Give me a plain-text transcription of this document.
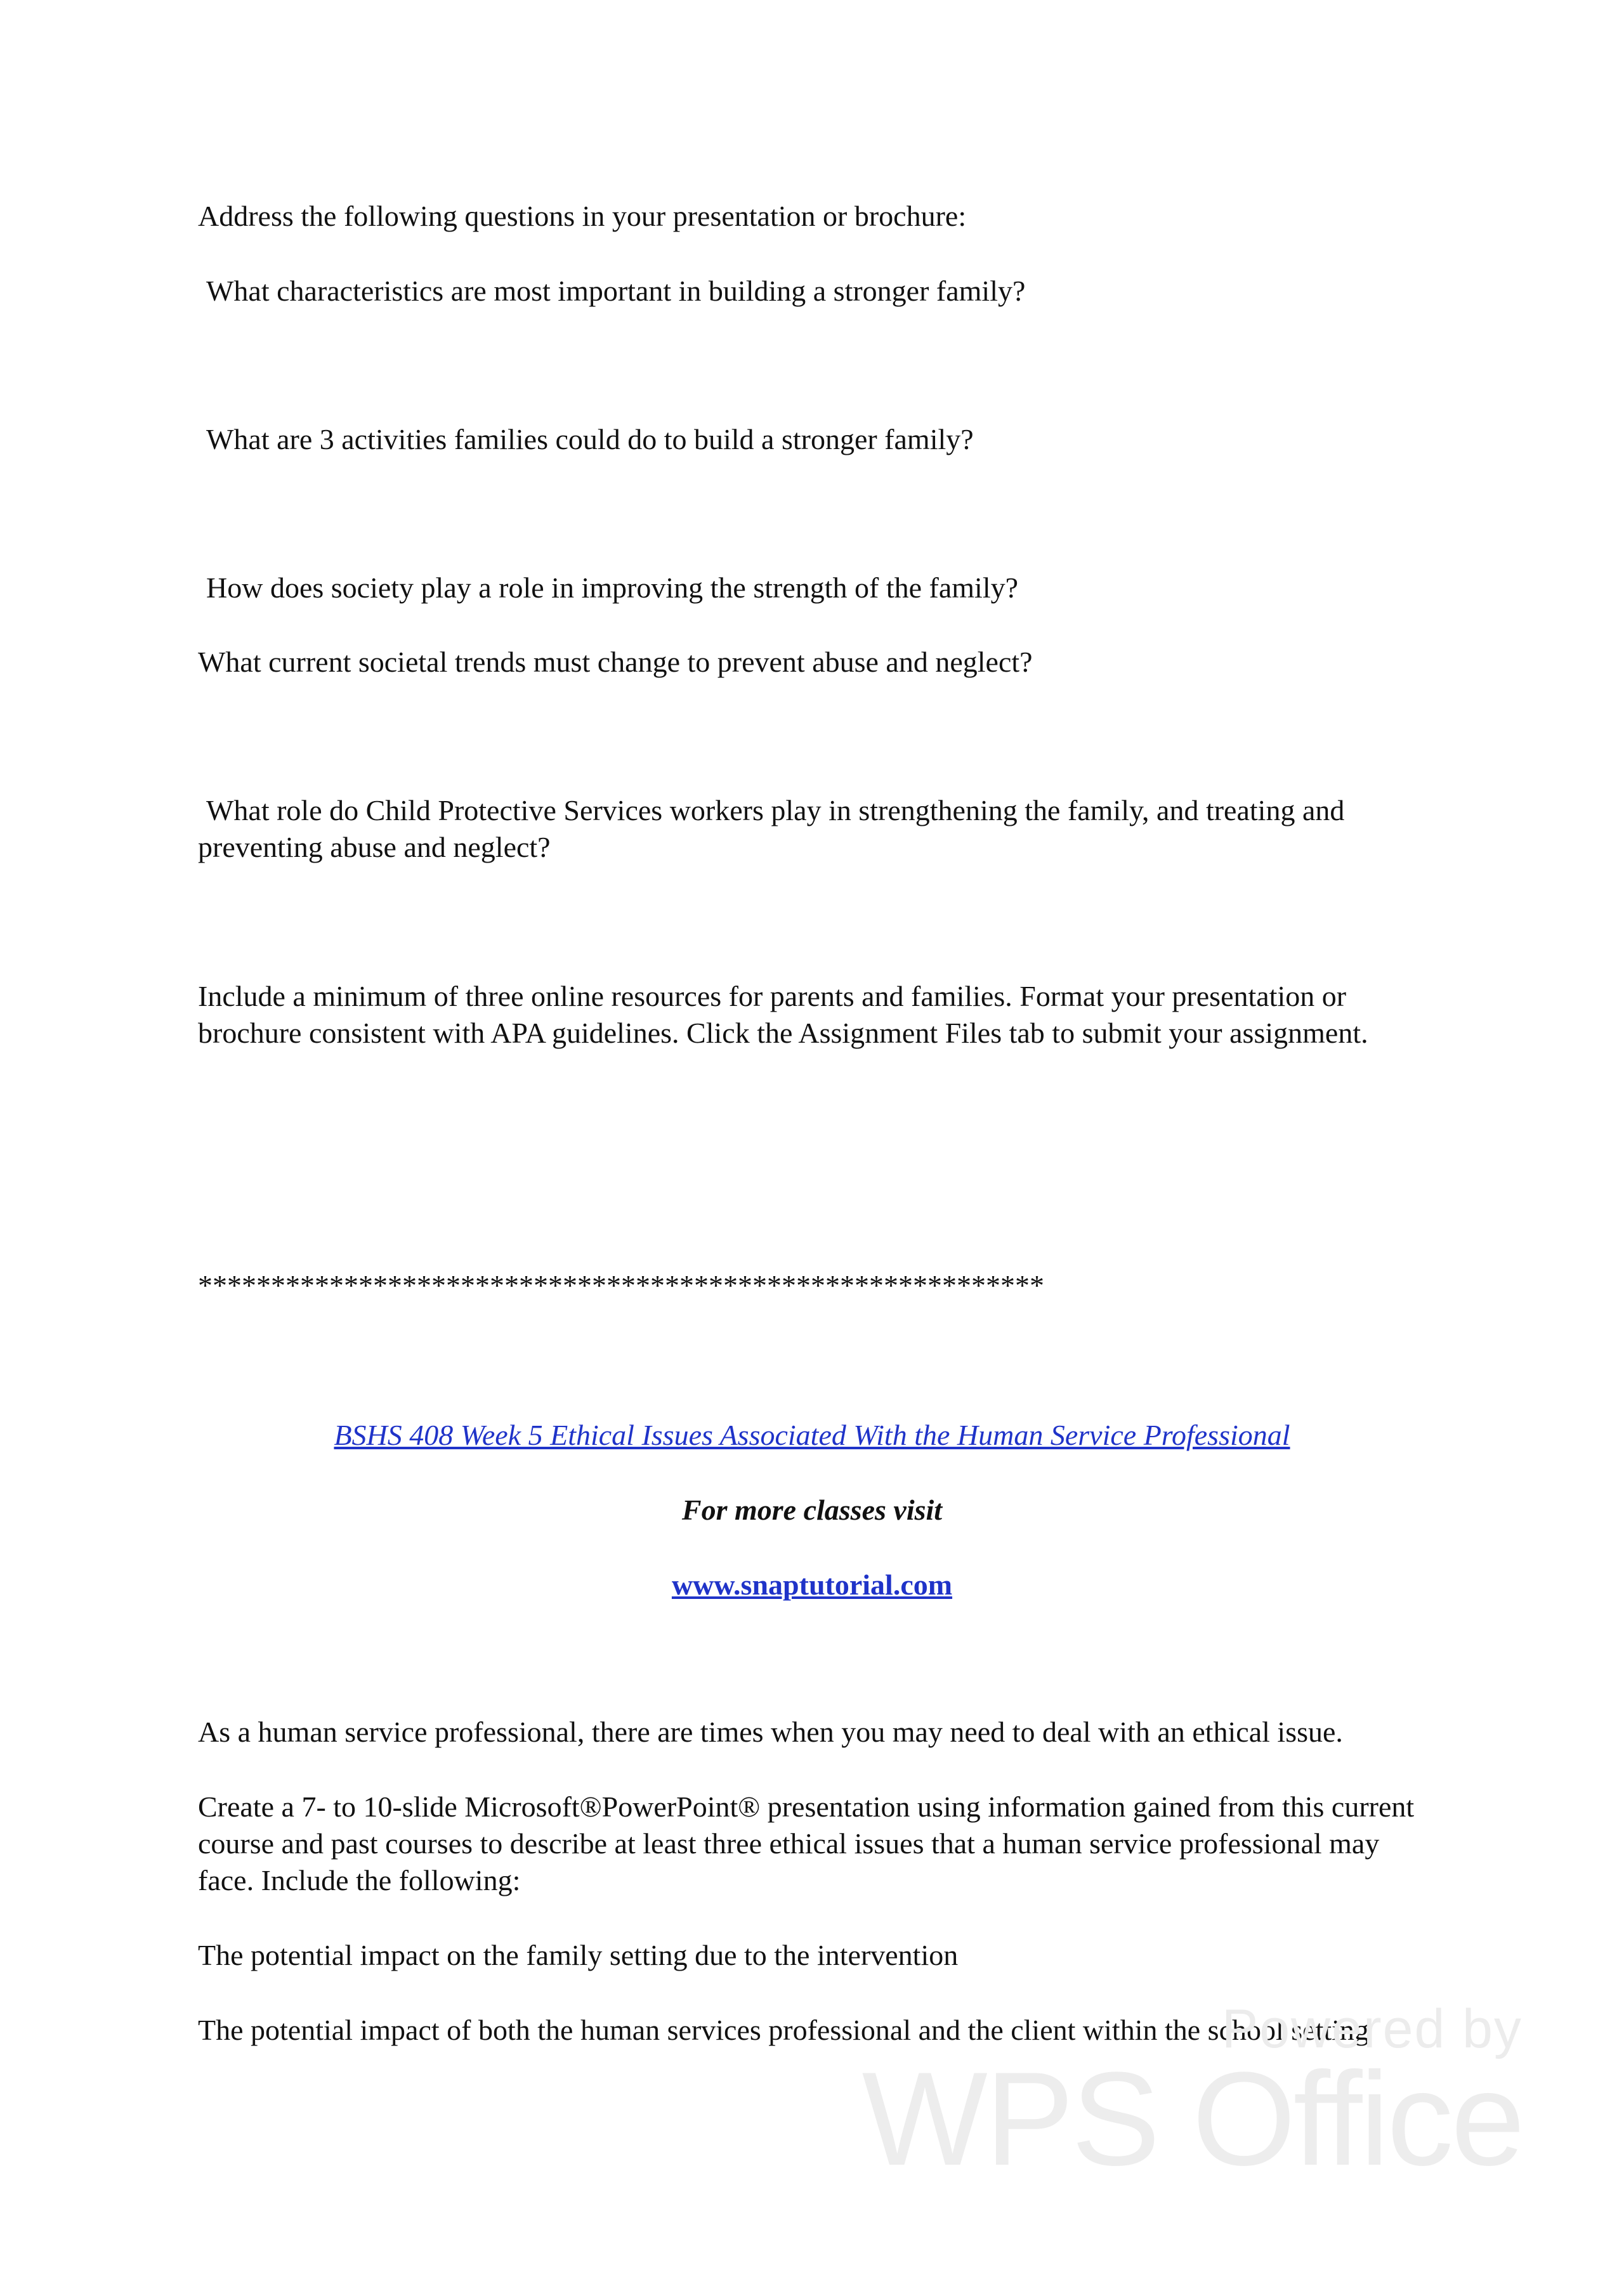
Address the following questions in your presentation or brochure:

What characteristics are most important in building a stronger family?

What are 3 activities families could do to build a stronger family?

How does society play a role in improving the strength of the family?

What current societal trends must change to prevent abuse and neglect?

What role do Child Protective Services workers play in strengthening the family, and treating and preventing abuse and neglect?

Include a minimum of three online resources for parents and families. Format your presentation or brochure consistent with APA guidelines. Click the Assignment Files tab to submit your assignment.

**********************************************************
BSHS 408 Week 5 Ethical Issues Associated With the Human Service Professional
For more classes visit
www.snaptutorial.com

As a human service professional, there are times when you may need to deal with an ethical issue.

Create a 7- to 10-slide Microsoft®PowerPoint® presentation using information gained from this current course and past courses to describe at least three ethical issues that a human service professional may face. Include the following:

The potential impact on the family setting due to the intervention

The potential impact of both the human services professional and the client within the school setting

Powered by
WPS Office
